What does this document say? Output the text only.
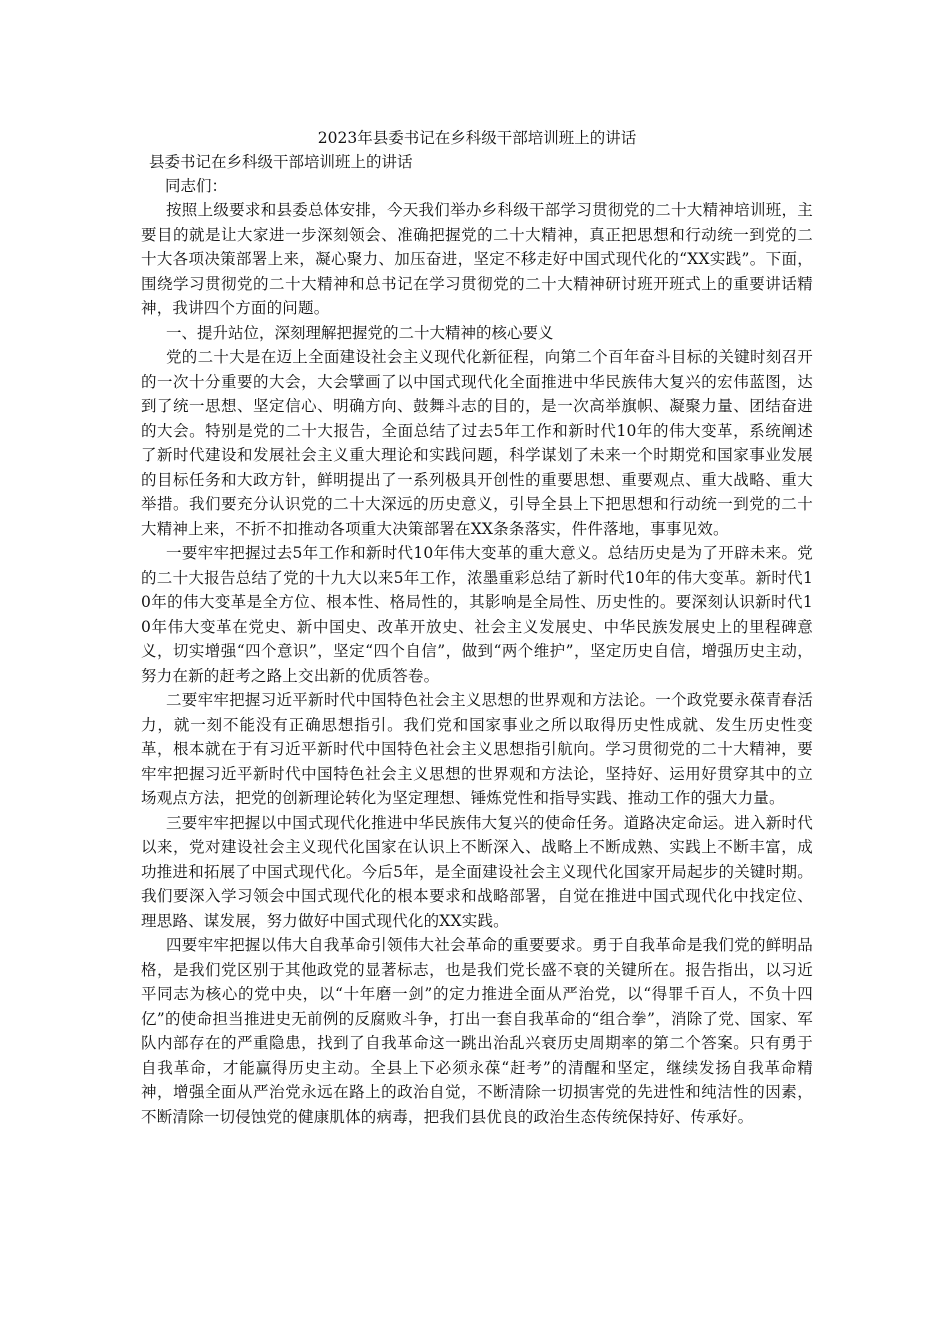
2023年县委书记在乡科级干部培训班上的讲话

县委书记在乡科级干部培训班上的讲话

同志们：

按照上级要求和县委总体安排，今天我们举办乡科级干部学习贯彻党的二十大精神培训班，主要目的就是让大家进一步深刻领会、准确把握党的二十大精神，真正把思想和行动统一到党的二十大各项决策部署上来，凝心聚力、加压奋进，坚定不移走好中国式现代化的“XX实践”。下面，围绕学习贯彻党的二十大精神和总书记在学习贯彻党的二十大精神研讨班开班式上的重要讲话精神，我讲四个方面的问题。

一、提升站位，深刻理解把握党的二十大精神的核心要义

党的二十大是在迈上全面建设社会主义现代化新征程，向第二个百年奋斗目标的关键时刻召开的一次十分重要的大会，大会擘画了以中国式现代化全面推进中华民族伟大复兴的宏伟蓝图，达到了统一思想、坚定信心、明确方向、鼓舞斗志的目的，是一次高举旗帜、凝聚力量、团结奋进的大会。特别是党的二十大报告，全面总结了过去5年工作和新时代10年的伟大变革，系统阐述了新时代建设和发展社会主义重大理论和实践问题，科学谋划了未来一个时期党和国家事业发展的目标任务和大政方针，鲜明提出了一系列极具开创性的重要思想、重要观点、重大战略、重大举措。我们要充分认识党的二十大深远的历史意义，引导全县上下把思想和行动统一到党的二十大精神上来，不折不扣推动各项重大决策部署在XX条条落实，件件落地，事事见效。

一要牢牢把握过去5年工作和新时代10年伟大变革的重大意义。总结历史是为了开辟未来。党的二十大报告总结了党的十九大以来5年工作，浓墨重彩总结了新时代10年的伟大变革。新时代10年的伟大变革是全方位、根本性、格局性的，其影响是全局性、历史性的。要深刻认识新时代10年伟大变革在党史、新中国史、改革开放史、社会主义发展史、中华民族发展史上的里程碑意义，切实增强“四个意识”，坚定“四个自信”，做到“两个维护”，坚定历史自信，增强历史主动，努力在新的赶考之路上交出新的优质答卷。

二要牢牢把握习近平新时代中国特色社会主义思想的世界观和方法论。一个政党要永葆青春活力，就一刻不能没有正确思想指引。我们党和国家事业之所以取得历史性成就、发生历史性变革，根本就在于有习近平新时代中国特色社会主义思想指引航向。学习贯彻党的二十大精神，要牢牢把握习近平新时代中国特色社会主义思想的世界观和方法论，坚持好、运用好贯穿其中的立场观点方法，把党的创新理论转化为坚定理想、锤炼党性和指导实践、推动工作的强大力量。

三要牢牢把握以中国式现代化推进中华民族伟大复兴的使命任务。道路决定命运。进入新时代以来，党对建设社会主义现代化国家在认识上不断深入、战略上不断成熟、实践上不断丰富，成功推进和拓展了中国式现代化。今后5年，是全面建设社会主义现代化国家开局起步的关键时期。我们要深入学习领会中国式现代化的根本要求和战略部署，自觉在推进中国式现代化中找定位、理思路、谋发展，努力做好中国式现代化的XX实践。

四要牢牢把握以伟大自我革命引领伟大社会革命的重要要求。勇于自我革命是我们党的鲜明品格，是我们党区别于其他政党的显著标志，也是我们党长盛不衰的关键所在。报告指出，以习近平同志为核心的党中央，以“十年磨一剑”的定力推进全面从严治党，以“得罪千百人，不负十四亿”的使命担当推进史无前例的反腐败斗争，打出一套自我革命的“组合拳”，消除了党、国家、军队内部存在的严重隐患，找到了自我革命这一跳出治乱兴衰历史周期率的第二个答案。只有勇于自我革命，才能赢得历史主动。全县上下必须永葆“赶考”的清醒和坚定，继续发扬自我革命精神，增强全面从严治党永远在路上的政治自觉，不断清除一切损害党的先进性和纯洁性的因素，不断清除一切侵蚀党的健康肌体的病毒，把我们县优良的政治生态传统保持好、传承好。
